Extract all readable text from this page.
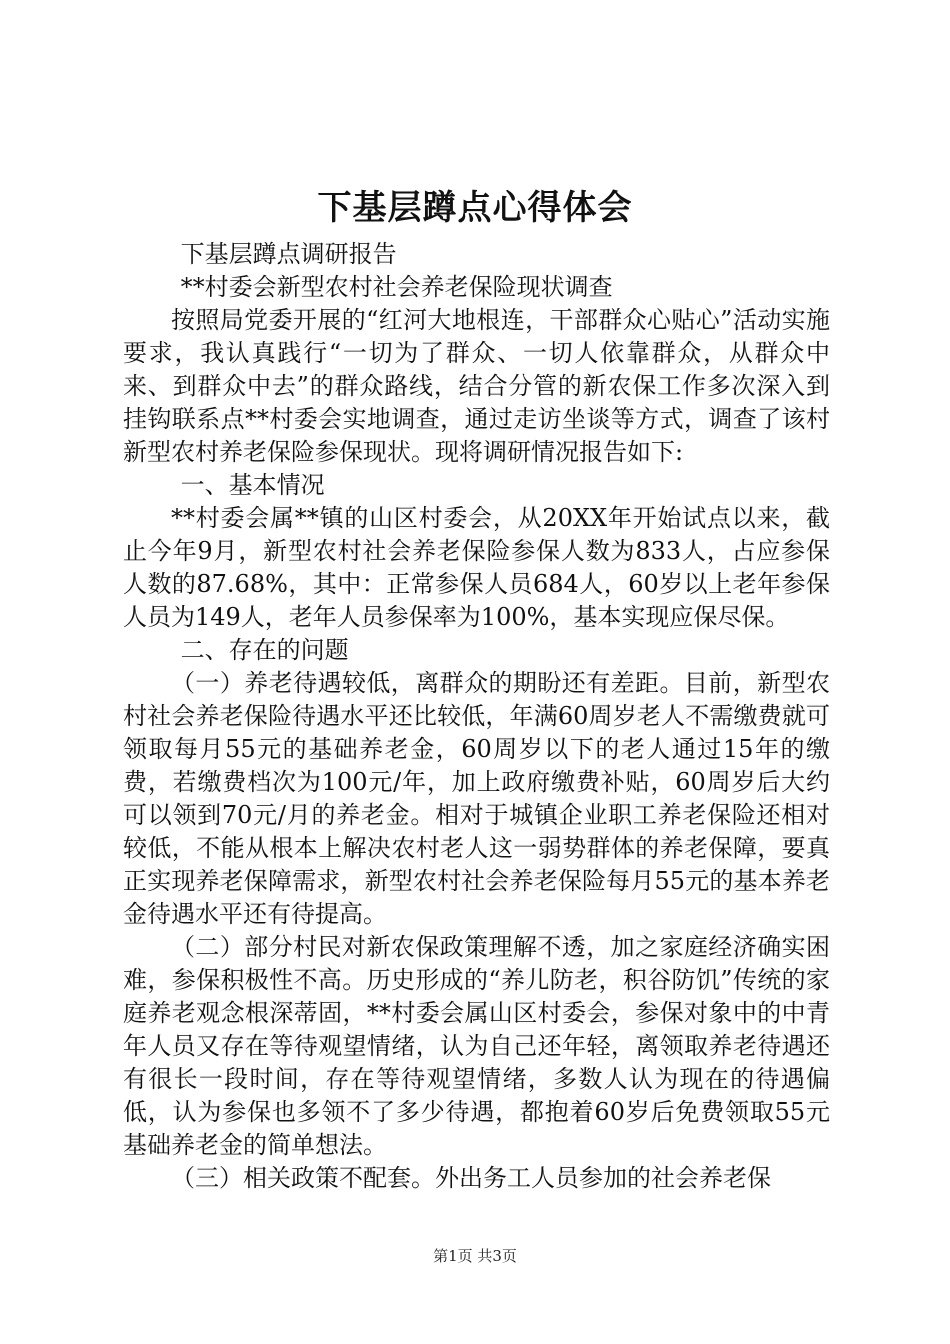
下基层蹲点心得体会

下基层蹲点调研报告

**村委会新型农村社会养老保险现状调查

按照局党委开展的“红河大地根连，干部群众心贴心”活动实施要求，我认真践行“一切为了群众、一切人依靠群众，从群众中来、到群众中去”的群众路线，结合分管的新农保工作多次深入到挂钩联系点**村委会实地调查，通过走访坐谈等方式，调查了该村新型农村养老保险参保现状。现将调研情况报告如下:

一、基本情况

**村委会属**镇的山区村委会，从20XX年开始试点以来，截止今年9月，新型农村社会养老保险参保人数为833人，占应参保人数的87.68%，其中：正常参保人员684人，60岁以上老年参保人员为149人，老年人员参保率为100%，基本实现应保尽保。

二、存在的问题

（一）养老待遇较低，离群众的期盼还有差距。目前，新型农村社会养老保险待遇水平还比较低，年满60周岁老人不需缴费就可领取每月55元的基础养老金，60周岁以下的老人通过15年的缴费，若缴费档次为100元/年，加上政府缴费补贴，60周岁后大约可以领到70元/月的养老金。相对于城镇企业职工养老保险还相对较低，不能从根本上解决农村老人这一弱势群体的养老保障，要真正实现养老保障需求，新型农村社会养老保险每月55元的基本养老金待遇水平还有待提高。

（二）部分村民对新农保政策理解不透，加之家庭经济确实困难，参保积极性不高。历史形成的“养儿防老，积谷防饥”传统的家庭养老观念根深蒂固，**村委会属山区村委会，参保对象中的中青年人员又存在等待观望情绪，认为自己还年轻，离领取养老待遇还有很长一段时间，存在等待观望情绪，多数人认为现在的待遇偏低，认为参保也多领不了多少待遇，都抱着60岁后免费领取55元基础养老金的简单想法。

（三）相关政策不配套。外出务工人员参加的社会养老保

第1页 共3页
